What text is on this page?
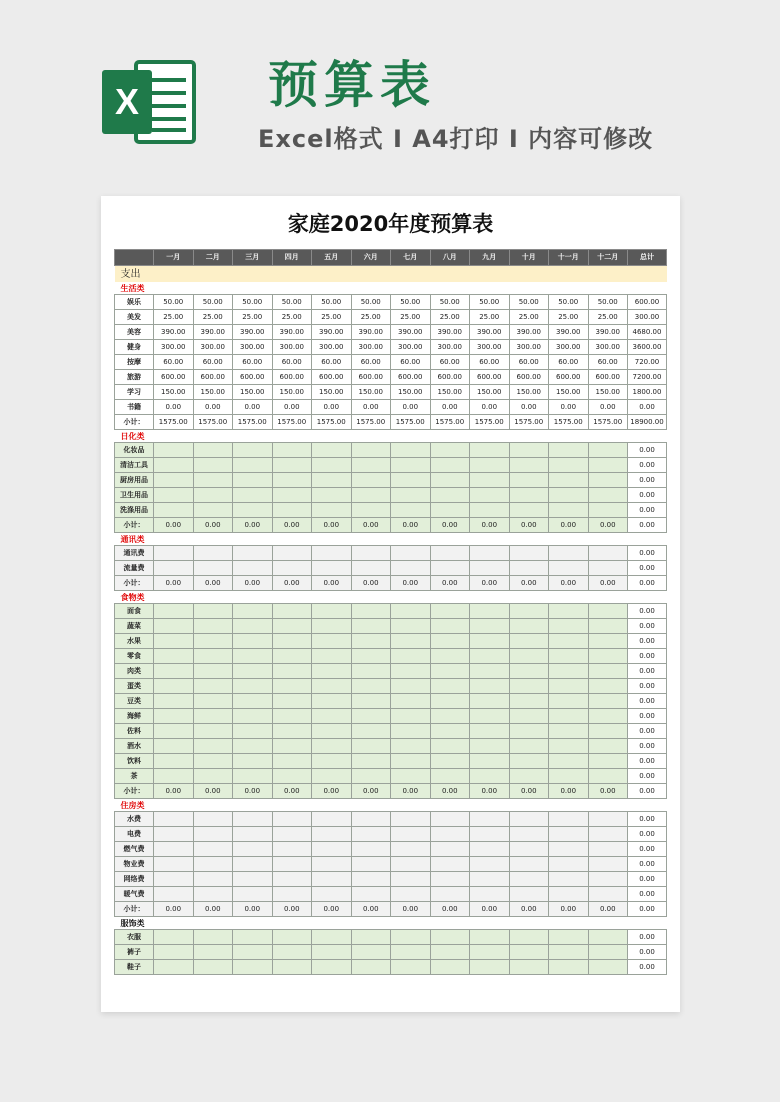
X	预算表
Excel格式 I A4打印 I 内容可修改
家庭2020年度预算表
	一月	二月	三月	四月	五月	六月	七月	八月	九月	十月	十一月	十二月	总计
支出													
生活类													
娱乐	50.00	50.00	50.00	50.00	50.00	50.00	50.00	50.00	50.00	50.00	50.00	50.00	600.00
美发	25.00	25.00	25.00	25.00	25.00	25.00	25.00	25.00	25.00	25.00	25.00	25.00	300.00
美容	390.00	390.00	390.00	390.00	390.00	390.00	390.00	390.00	390.00	390.00	390.00	390.00	4680.00
健身	300.00	300.00	300.00	300.00	300.00	300.00	300.00	300.00	300.00	300.00	300.00	300.00	3600.00
按摩	60.00	60.00	60.00	60.00	60.00	60.00	60.00	60.00	60.00	60.00	60.00	60.00	720.00
旅游	600.00	600.00	600.00	600.00	600.00	600.00	600.00	600.00	600.00	600.00	600.00	600.00	7200.00
学习	150.00	150.00	150.00	150.00	150.00	150.00	150.00	150.00	150.00	150.00	150.00	150.00	1800.00
书籍	0.00	0.00	0.00	0.00	0.00	0.00	0.00	0.00	0.00	0.00	0.00	0.00	0.00
小计：	1575.00	1575.00	1575.00	1575.00	1575.00	1575.00	1575.00	1575.00	1575.00	1575.00	1575.00	1575.00	18900.00
日化类													
化妆品													0.00
清洁工具													0.00
厨房用品													0.00
卫生用品													0.00
洗涤用品													0.00
小计：	0.00	0.00	0.00	0.00	0.00	0.00	0.00	0.00	0.00	0.00	0.00	0.00	0.00
通讯类													
通讯费													0.00
流量费													0.00
小计：	0.00	0.00	0.00	0.00	0.00	0.00	0.00	0.00	0.00	0.00	0.00	0.00	0.00
食物类													
面食													0.00
蔬菜													0.00
水果													0.00
零食													0.00
肉类													0.00
蛋类													0.00
豆类													0.00
海鲜													0.00
佐料													0.00
酒水													0.00
饮料													0.00
茶													0.00
小计：	0.00	0.00	0.00	0.00	0.00	0.00	0.00	0.00	0.00	0.00	0.00	0.00	0.00
住房类													
水费													0.00
电费													0.00
燃气费													0.00
物业费													0.00
网络费													0.00
暖气费													0.00
小计：	0.00	0.00	0.00	0.00	0.00	0.00	0.00	0.00	0.00	0.00	0.00	0.00	0.00
服饰类													
衣服													0.00
裤子													0.00
鞋子													0.00
